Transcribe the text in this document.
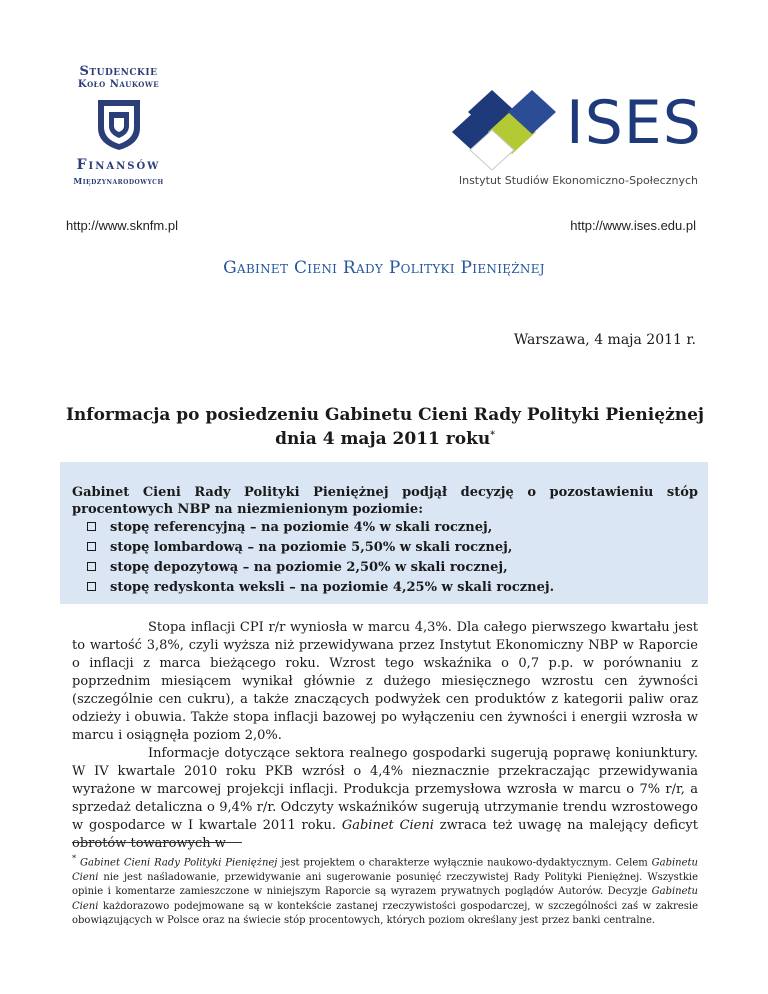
Studenckie
Koło Naukowe
Finansów
Międzynarodowych
ISES
Instytut Studiów Ekonomiczno-Społecznych
http://www.sknfm.pl	http://www.ises.edu.pl
Gabinet Cieni Rady Polityki Pieniężnej
Warszawa, 4 maja 2011 r.
Informacja po posiedzeniu Gabinetu Cieni Rady Polityki Pieniężnej
dnia 4 maja 2011 roku*
Gabinet Cieni Rady Polityki Pieniężnej podjął decyzję o pozostawieniu stóp procentowych NBP na niezmienionym poziomie:
stopę referencyjną – na poziomie 4% w skali rocznej,
stopę lombardową – na poziomie 5,50% w skali rocznej,
stopę depozytową – na poziomie 2,50% w skali rocznej,
stopę redyskonta weksli – na poziomie 4,25% w skali rocznej.

Stopa inflacji CPI r/r wyniosła w marcu 4,3%. Dla całego pierwszego kwartału jest to wartość 3,8%, czyli wyższa niż przewidywana przez Instytut Ekonomiczny NBP w Raporcie o inflacji z marca bieżącego roku. Wzrost tego wskaźnika o 0,7 p.p. w porównaniu z poprzednim miesiącem wynikał głównie z dużego miesięcznego wzrostu cen żywności (szczególnie cen cukru), a także znaczących podwyżek cen produktów z kategorii paliw oraz odzieży i obuwia. Także stopa inflacji bazowej po wyłączeniu cen żywności i energii wzrosła w marcu i osiągnęła poziom 2,0%.

Informacje dotyczące sektora realnego gospodarki sugerują poprawę koniunktury. W IV kwartale 2010 roku PKB wzrósł o 4,4% nieznacznie przekraczając przewidywania wyrażone w marcowej projekcji inflacji. Produkcja przemysłowa wzrosła w marcu o 7% r/r, a sprzedaż detaliczna o 9,4% r/r. Odczyty wskaźników sugerują utrzymanie trendu wzrostowego w gospodarce w I kwartale 2011 roku. Gabinet Cieni zwraca też uwagę na malejący deficyt obrotów towarowych w

* Gabinet Cieni Rady Polityki Pieniężnej jest projektem o charakterze wyłącznie naukowo-dydaktycznym. Celem Gabinetu Cieni nie jest naśladowanie, przewidywanie ani sugerowanie posunięć rzeczywistej Rady Polityki Pieniężnej. Wszystkie opinie i komentarze zamieszczone w niniejszym Raporcie są wyrazem prywatnych poglądów Autorów. Decyzje Gabinetu Cieni każdorazowo podejmowane są w kontekście zastanej rzeczywistości gospodarczej, w szczególności zaś w zakresie obowiązujących w Polsce oraz na świecie stóp procentowych, których poziom określany jest przez banki centralne.
